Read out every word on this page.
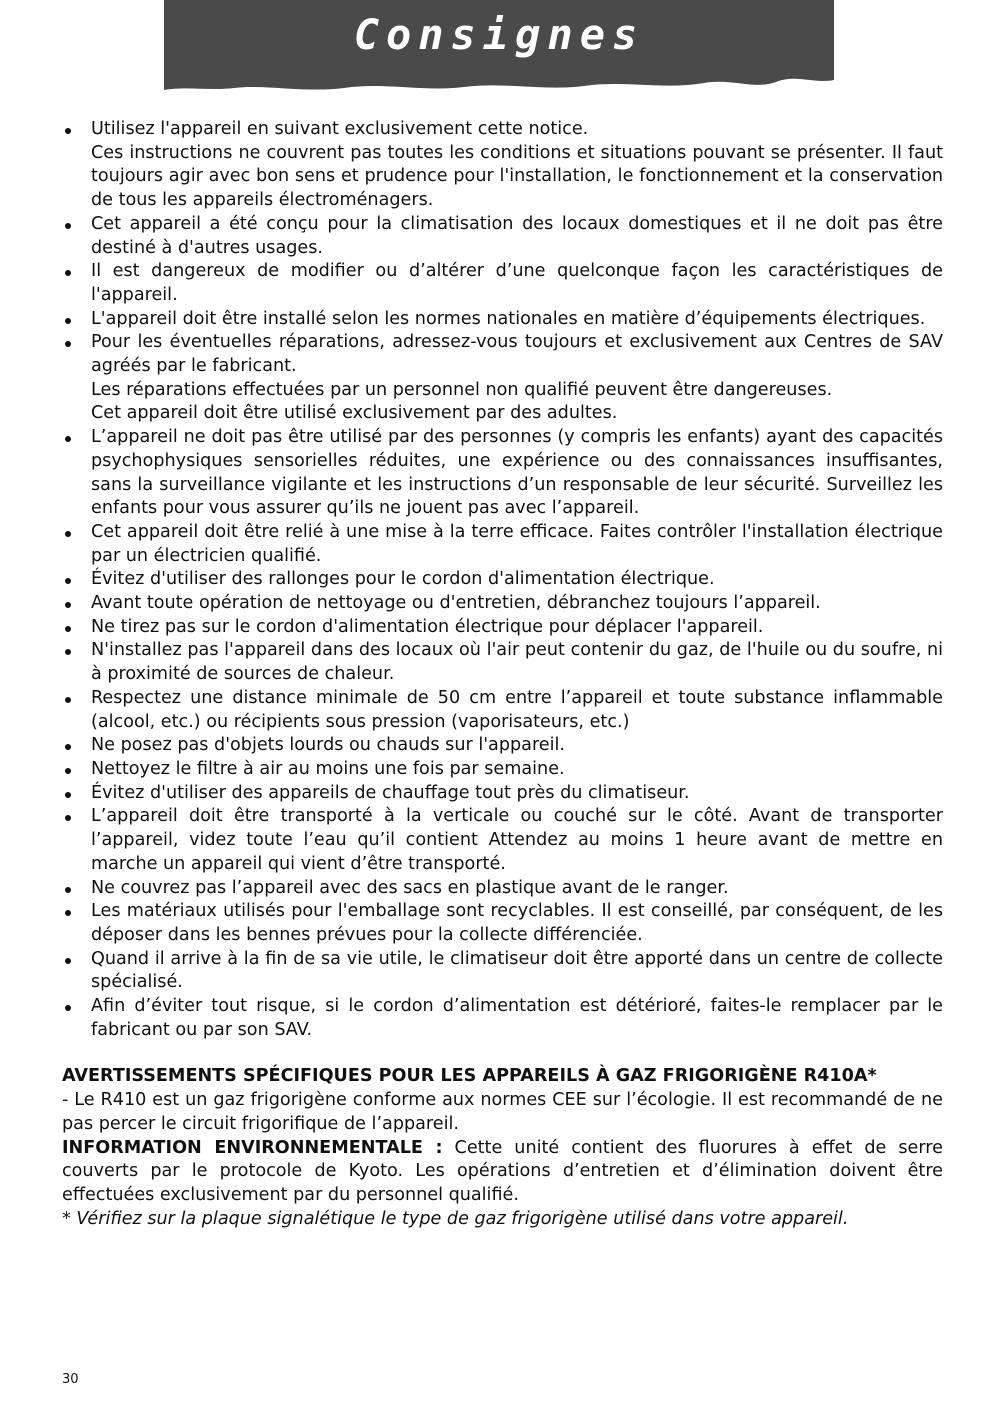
Consignes
Utilisez l'appareil en suivant exclusivement cette notice.
Ces instructions ne couvrent pas toutes les conditions et situations pouvant se présenter. Il faut toujours agir avec bon sens et prudence pour l'installation, le fonctionnement et la conservation de tous les appareils électroménagers.
Cet appareil a été conçu pour la climatisation des locaux domestiques et il ne doit pas être destiné à d'autres usages.
Il est dangereux de modifier ou d’altérer d’une quelconque façon les caractéristiques de l'appareil.
L'appareil doit être installé selon les normes nationales en matière d’équipements électriques.
Pour les éventuelles réparations, adressez-vous toujours et exclusivement aux Centres de SAV agréés par le fabricant.
Les réparations effectuées par un personnel non qualifié peuvent être dangereuses.
Cet appareil doit être utilisé exclusivement par des adultes.
L’appareil ne doit pas être utilisé par des personnes (y compris les enfants) ayant des capacités psychophysiques sensorielles réduites, une expérience ou des connaissances insuffisantes, sans la surveillance vigilante et les instructions d’un responsable de leur sécurité. Surveillez les enfants pour vous assurer qu’ils ne jouent pas avec l’appareil.
Cet appareil doit être relié à une mise à la terre efficace. Faites contrôler l'installation électrique par un électricien qualifié.
Évitez d'utiliser des rallonges pour le cordon d'alimentation électrique.
Avant toute opération de nettoyage ou d'entretien, débranchez toujours l’appareil.
Ne tirez pas sur le cordon d'alimentation électrique pour déplacer l'appareil.
N'installez pas l'appareil dans des locaux où l'air peut contenir du gaz, de l'huile ou du soufre, ni à proximité de sources de chaleur.
Respectez une distance minimale de 50 cm entre l’appareil et toute substance inflammable (alcool, etc.) ou récipients sous pression (vaporisateurs, etc.)
Ne posez pas d'objets lourds ou chauds sur l'appareil.
Nettoyez le filtre à air au moins une fois par semaine.
Évitez d'utiliser des appareils de chauffage tout près du climatiseur.
L’appareil doit être transporté à la verticale ou couché sur le côté. Avant de transporter l’appareil, videz toute l’eau qu’il contient Attendez au moins 1 heure avant de mettre en marche un appareil qui vient d’être transporté.
Ne couvrez pas l’appareil avec des sacs en plastique avant de le ranger.
Les matériaux utilisés pour l'emballage sont recyclables. Il est conseillé, par conséquent, de les déposer dans les bennes prévues pour la collecte différenciée.
Quand il arrive à la fin de sa vie utile, le climatiseur doit être apporté dans un centre de collecte spécialisé.
Afin d’éviter tout risque, si le cordon d’alimentation est détérioré, faites-le remplacer par le fabricant ou par son SAV.
AVERTISSEMENTS SPÉCIFIQUES POUR LES APPAREILS À GAZ FRIGORIGÈNE R410A*
- Le R410 est un gaz frigorigène conforme aux normes CEE sur l’écologie. Il est recommandé de ne pas percer le circuit frigorifique de l’appareil.
INFORMATION ENVIRONNEMENTALE : Cette unité contient des fluorures à effet de serre couverts par le protocole de Kyoto. Les opérations d’entretien et d’élimination doivent être effectuées exclusivement par du personnel qualifié.
* Vérifiez sur la plaque signalétique le type de gaz frigorigène utilisé dans votre appareil.
30
